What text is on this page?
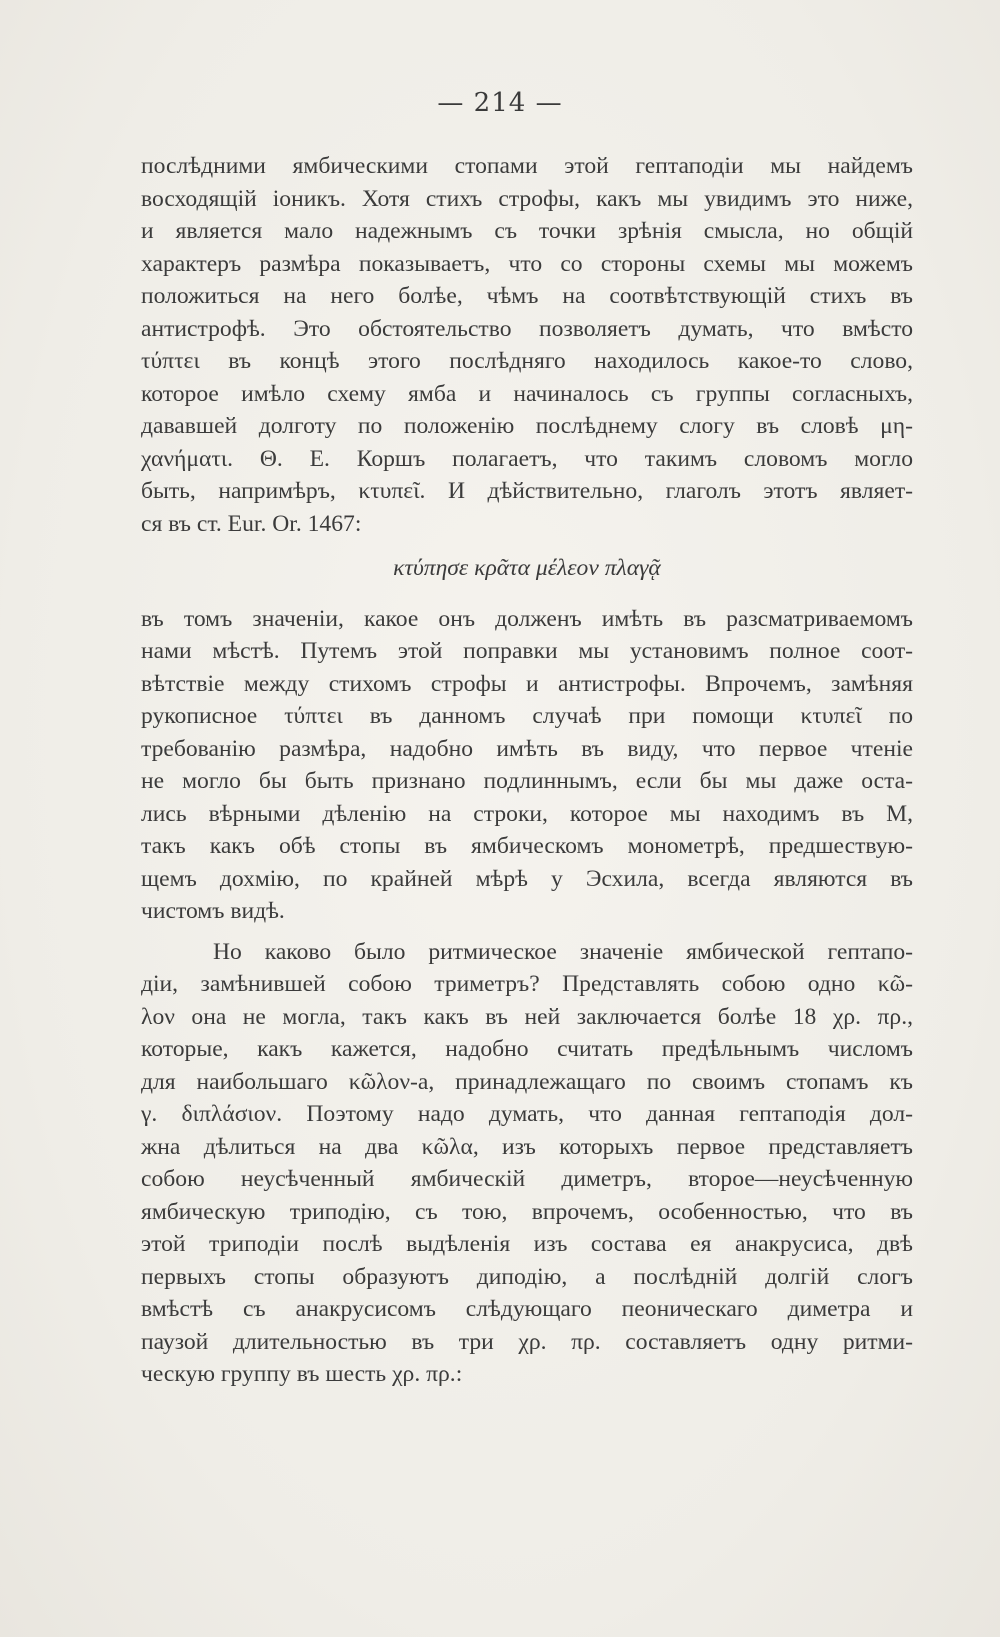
— 214 —
послѣдними ямбическими стопами этой гептаподіи мы найдемъ
восходящій іоникъ. Хотя стихъ строфы, какъ мы увидимъ это ниже,
и является мало надежнымъ съ точки зрѣнія смысла, но общій
характеръ размѣра показываетъ, что со стороны схемы мы можемъ
положиться на него болѣе, чѣмъ на соотвѣтствующій стихъ въ
антистрофѣ. Это обстоятельство позволяетъ думать, что вмѣсто
τύπτει въ концѣ этого послѣдняго находилось какое-то слово,
которое имѣло схему ямба и начиналось съ группы согласныхъ,
дававшей долготу по положенію послѣднему слогу въ словѣ μη-
χανήματι. Θ. Е. Коршъ полагаетъ, что такимъ словомъ могло
быть, напримѣръ, κτυπεῖ. И дѣйствительно, глаголъ этотъ являет-
ся въ ст. Eur. Or. 1467:
κτύπησε κρᾶτα μέλεον πλαγᾷ
въ томъ значеніи, какое онъ долженъ имѣть въ разсматриваемомъ
нами мѣстѣ. Путемъ этой поправки мы установимъ полное соот-
вѣтствіе между стихомъ строфы и антистрофы. Впрочемъ, замѣняя
рукописное τύπτει въ данномъ случаѣ при помощи κτυπεῖ по
требованію размѣра, надобно имѣть въ виду, что первое чтеніе
не могло бы быть признано подлиннымъ, если бы мы даже оста-
лись вѣрными дѣленію на строки, которое мы находимъ въ М,
такъ какъ обѣ стопы въ ямбическомъ монометрѣ, предшествую-
щемъ дохмію, по крайней мѣрѣ у Эсхила, всегда являются въ
чистомъ видѣ.
Но каково было ритмическое значеніе ямбической гептапо-
діи, замѣнившей собою триметръ? Представлять собою одно κῶ-
λον она не могла, такъ какъ въ ней заключается болѣе 18 χρ. πρ.,
которые, какъ кажется, надобно считать предѣльнымъ числомъ
для наибольшаго κῶλον-а, принадлежащаго по своимъ стопамъ къ
γ. διπλάσιον. Поэтому надо думать, что данная гептаподія дол-
жна дѣлиться на два κῶλα, изъ которыхъ первое представляетъ
собою неусѣченный ямбическій диметръ, второе—неусѣченную
ямбическую триподію, съ тою, впрочемъ, особенностью, что въ
этой триподіи послѣ выдѣленія изъ состава ея анакрусиса, двѣ
первыхъ стопы образуютъ диподію, а послѣдній долгій слогъ
вмѣстѣ съ анакрусисомъ слѣдующаго пеоническаго диметра и
паузой длительностью въ три χρ. πρ. составляетъ одну ритми-
ческую группу въ шесть χρ. πρ.:
